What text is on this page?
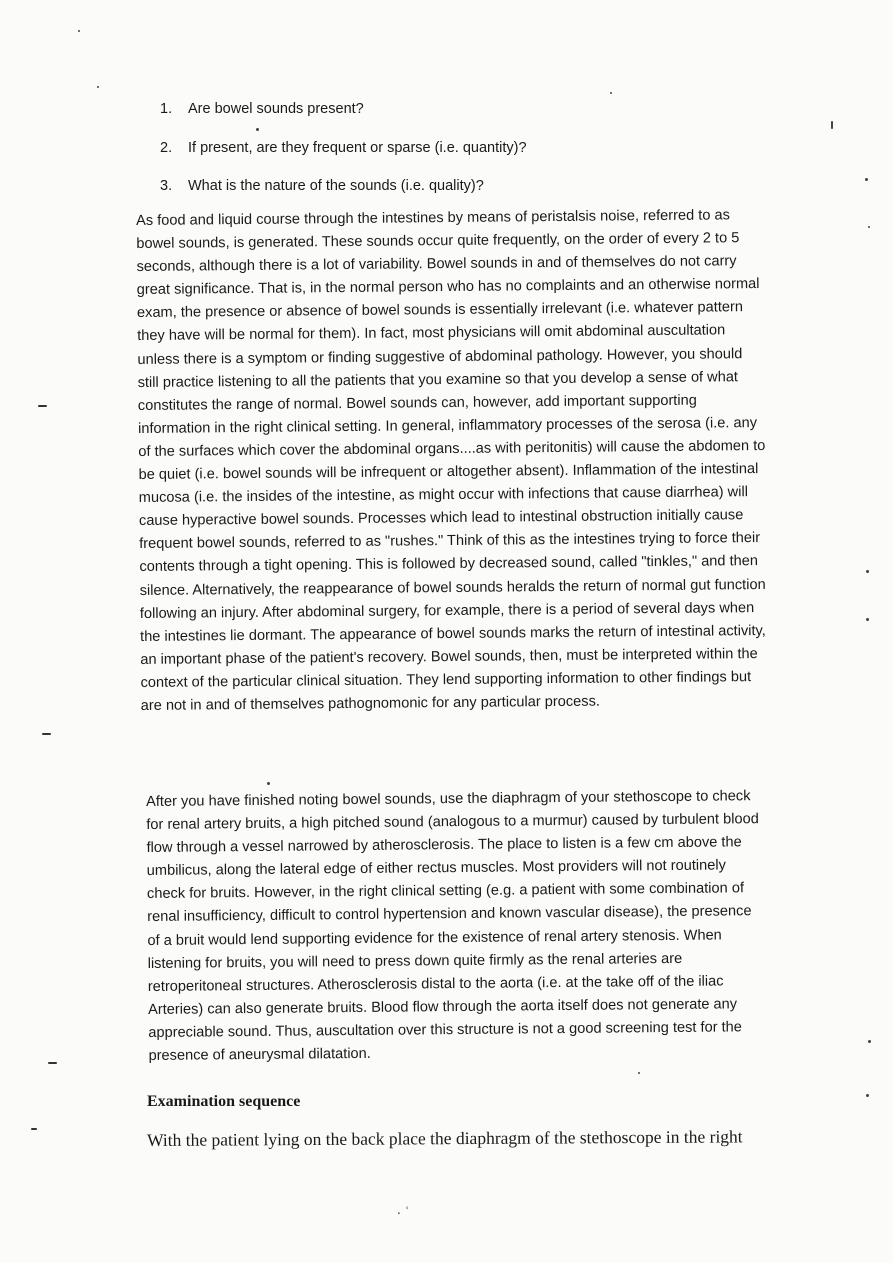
1.	Are bowel sounds present?
2.	If present, are they frequent or sparse (i.e. quantity)?
3.	What is the nature of the sounds (i.e. quality)?

As food and liquid course through the intestines by means of peristalsis noise, referred to as bowel sounds, is generated. These sounds occur quite frequently, on the order of every 2 to 5 seconds, although there is a lot of variability. Bowel sounds in and of themselves do not carry great significance. That is, in the normal person who has no complaints and an otherwise normal exam, the presence or absence of bowel sounds is essentially irrelevant (i.e. whatever pattern they have will be normal for them). In fact, most physicians will omit abdominal auscultation unless there is a symptom or finding suggestive of abdominal pathology. However, you should still practice listening to all the patients that you examine so that you develop a sense of what constitutes the range of normal. Bowel sounds can, however, add important supporting information in the right clinical setting. In general, inflammatory processes of the serosa (i.e. any of the surfaces which cover the abdominal organs....as with peritonitis) will cause the abdomen to be quiet (i.e. bowel sounds will be infrequent or altogether absent). Inflammation of the intestinal mucosa (i.e. the insides of the intestine, as might occur with infections that cause diarrhea) will cause hyperactive bowel sounds. Processes which lead to intestinal obstruction initially cause frequent bowel sounds, referred to as "rushes." Think of this as the intestines trying to force their contents through a tight opening. This is followed by decreased sound, called "tinkles," and then silence. Alternatively, the reappearance of bowel sounds heralds the return of normal gut function following an injury. After abdominal surgery, for example, there is a period of several days when the intestines lie dormant. The appearance of bowel sounds marks the return of intestinal activity, an important phase of the patient's recovery. Bowel sounds, then, must be interpreted within the context of the particular clinical situation. They lend supporting information to other findings but are not in and of themselves pathognomonic for any particular process.

After you have finished noting bowel sounds, use the diaphragm of your stethoscope to check for renal artery bruits, a high pitched sound (analogous to a murmur) caused by turbulent blood flow through a vessel narrowed by atherosclerosis. The place to listen is a few cm above the umbilicus, along the lateral edge of either rectus muscles. Most providers will not routinely check for bruits. However, in the right clinical setting (e.g. a patient with some combination of renal insufficiency, difficult to control hypertension and known vascular disease), the presence of a bruit would lend supporting evidence for the existence of renal artery stenosis. When listening for bruits, you will need to press down quite firmly as the renal arteries are retroperitoneal structures. Atherosclerosis distal to the aorta (i.e. at the take off of the iliac Arteries) can also generate bruits. Blood flow through the aorta itself does not generate any appreciable sound. Thus, auscultation over this structure is not a good screening test for the presence of aneurysmal dilatation.

Examination sequence

With the patient lying on the back place the diaphragm of the stethoscope in the right

∙ ʿ
